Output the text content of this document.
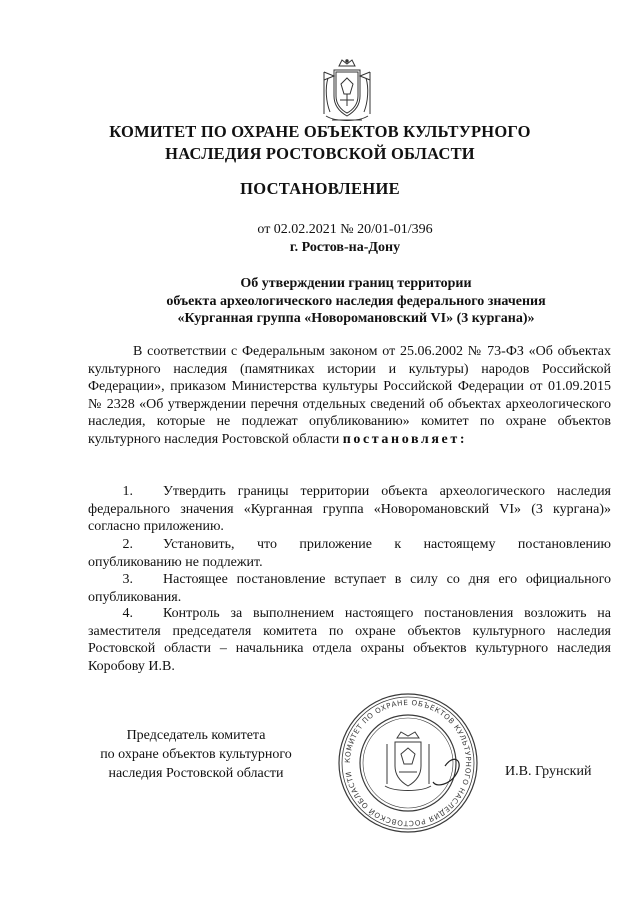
КОМИТЕТ ПО ОХРАНЕ ОБЪЕКТОВ КУЛЬТУРНОГО
НАСЛЕДИЯ РОСТОВСКОЙ ОБЛАСТИ
ПОСТАНОВЛЕНИЕ
от 02.02.2021 № 20/01-01/396
г. Ростов-на-Дону
Об утверждении границ территории
объекта археологического наследия федерального значения
«Курганная группа «Новоромановский VI» (3 кургана)»
В соответствии с Федеральным законом от 25.06.2002 № 73-ФЗ «Об объектах культурного наследия (памятниках истории и культуры) народов Российской Федерации», приказом Министерства культуры Российской Федерации от 01.09.2015 № 2328 «Об утверждении перечня отдельных сведений об объектах археологического наследия, которые не подлежат опубликованию» комитет по охране объектов культурного наследия Ростовской области постановляет:
1. Утвердить границы территории объекта археологического наследия федерального значения «Курганная группа «Новоромановский VI» (3 кургана)» согласно приложению.
2. Установить, что приложение к настоящему постановлению опубликованию не подлежит.
3. Настоящее постановление вступает в силу со дня его официального опубликования.
4. Контроль за выполнением настоящего постановления возложить на заместителя председателя комитета по охране объектов культурного наследия Ростовской области – начальника отдела охраны объектов культурного наследия Коробову И.В.
Председатель комитета
по охране объектов культурного
наследия Ростовской области
КОМИТЕТ ПО ОХРАНЕ ОБЪЕКТОВ КУЛЬТУРНОГО НАСЛЕДИЯ РОСТОВСКОЙ ОБЛАСТИ	И.В. Грунский
